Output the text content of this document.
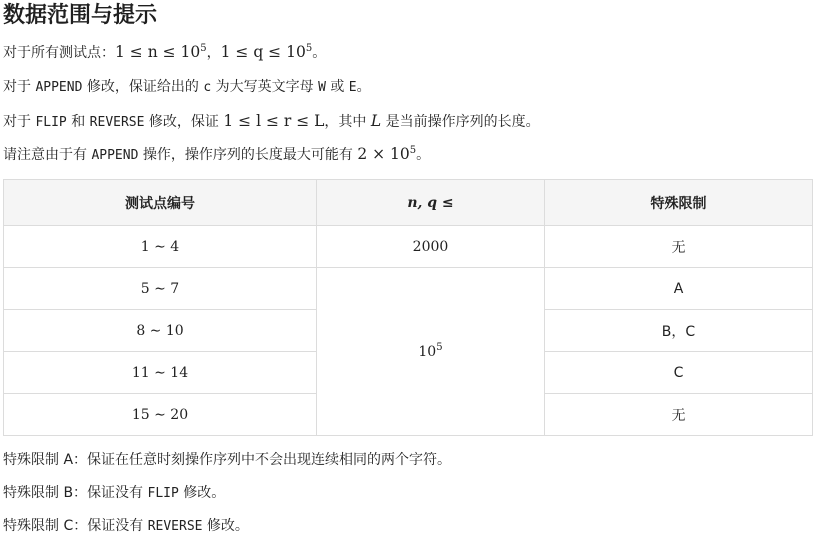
数据范围与提示

对于所有测试点：$1 \le n \le 10^5$，$1 \le q \le 10^5$。

对于 APPEND 修改，保证给出的 c 为大写英文字母 W 或 E。

对于 FLIP 和 REVERSE 修改，保证 1 ≤ l ≤ r ≤ L，其中 L 是当前操作序列的长度。

请注意由于有 APPEND 操作，操作序列的长度最大可能有 $2 \times 10^5$。

测试点编号	n, q ≤	特殊限制
1 ∼ 4	2000	无
5 ∼ 7	$10^5$	A
8 ∼ 10		B，C
11 ∼ 14		C
15 ∼ 20		无

特殊限制 A：保证在任意时刻操作序列中不会出现连续相同的两个字符。

特殊限制 B：保证没有 FLIP 修改。

特殊限制 C：保证没有 REVERSE 修改。
